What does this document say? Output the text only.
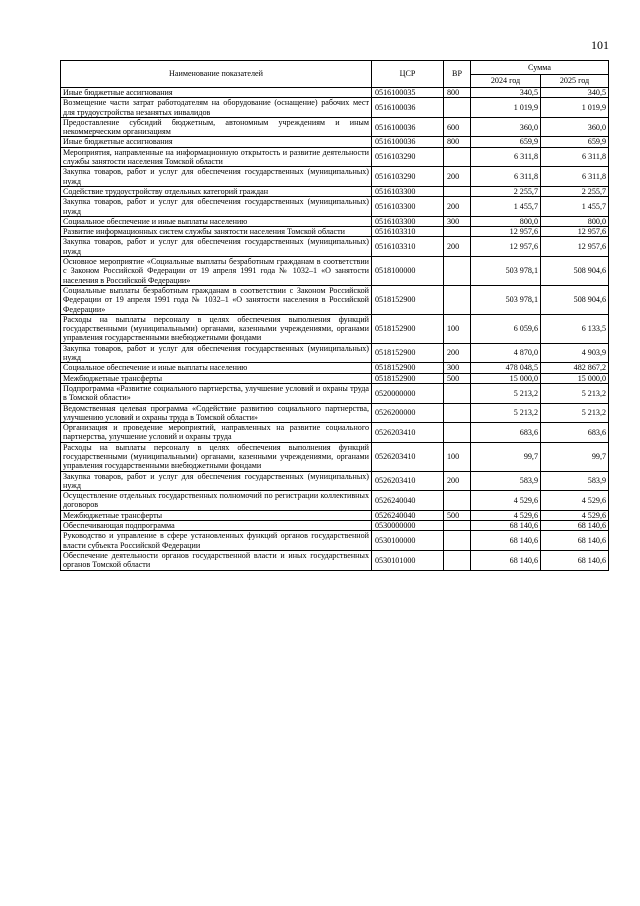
101
Наименование показателей	ЦСР	ВР	Сумма	
			2024 год	2025 год
Иные бюджетные ассигнования	0516100035	800	340,5	340,5
Возмещение части затрат работодателям на оборудование (оснащение) рабочих мест для трудоустройства незанятых инвалидов	0516100036		1 019,9	1 019,9
Предоставление субсидий бюджетным, автономным учреждениям и иным некоммерческим организациям	0516100036	600	360,0	360,0
Иные бюджетные ассигнования	0516100036	800	659,9	659,9
Мероприятия, направленные на информационную открытость и развитие деятельности службы занятости населения Томской области	0516103290		6 311,8	6 311,8
Закупка товаров, работ и услуг для обеспечения государственных (муниципальных) нужд	0516103290	200	6 311,8	6 311,8
Содействие трудоустройству отдельных категорий граждан	0516103300		2 255,7	2 255,7
Закупка товаров, работ и услуг для обеспечения государственных (муниципальных) нужд	0516103300	200	1 455,7	1 455,7
Социальное обеспечение и иные выплаты населению	0516103300	300	800,0	800,0
Развитие информационных систем службы занятости населения Томской области	0516103310		12 957,6	12 957,6
Закупка товаров, работ и услуг для обеспечения государственных (муниципальных) нужд	0516103310	200	12 957,6	12 957,6
Основное мероприятие «Социальные выплаты безработным гражданам в соответствии с Законом Российской Федерации от 19 апреля 1991 года № 1032–1 «О занятости населения в Российской Федерации»	0518100000		503 978,1	508 904,6
Социальные выплаты безработным гражданам в соответствии с Законом Российской Федерации от 19 апреля 1991 года № 1032–1 «О занятости населения в Российской Федерации»	0518152900		503 978,1	508 904,6
Расходы на выплаты персоналу в целях обеспечения выполнения функций государственными (муниципальными) органами, казенными учреждениями, органами управления государственными внебюджетными фондами	0518152900	100	6 059,6	6 133,5
Закупка товаров, работ и услуг для обеспечения государственных (муниципальных) нужд	0518152900	200	4 870,0	4 903,9
Социальное обеспечение и иные выплаты населению	0518152900	300	478 048,5	482 867,2
Межбюджетные трансферты	0518152900	500	15 000,0	15 000,0
Подпрограмма «Развитие социального партнерства, улучшение условий и охраны труда в Томской области»	0520000000		5 213,2	5 213,2
Ведомственная целевая программа «Содействие развитию социального партнерства, улучшению условий и охраны труда в Томской области»	0526200000		5 213,2	5 213,2
Организация и проведение мероприятий, направленных на развитие социального партнерства, улучшение условий и охраны труда	0526203410		683,6	683,6
Расходы на выплаты персоналу в целях обеспечения выполнения функций государственными (муниципальными) органами, казенными учреждениями, органами управления государственными внебюджетными фондами	0526203410	100	99,7	99,7
Закупка товаров, работ и услуг для обеспечения государственных (муниципальных) нужд	0526203410	200	583,9	583,9
Осуществление отдельных государственных полномочий по регистрации коллективных договоров	0526240040		4 529,6	4 529,6
Межбюджетные трансферты	0526240040	500	4 529,6	4 529,6
Обеспечивающая подпрограмма	0530000000		68 140,6	68 140,6
Руководство и управление в сфере установленных функций органов государственной власти субъекта Российской Федерации	0530100000		68 140,6	68 140,6
Обеспечение деятельности органов государственной власти и иных государственных органов Томской области	0530101000		68 140,6	68 140,6
